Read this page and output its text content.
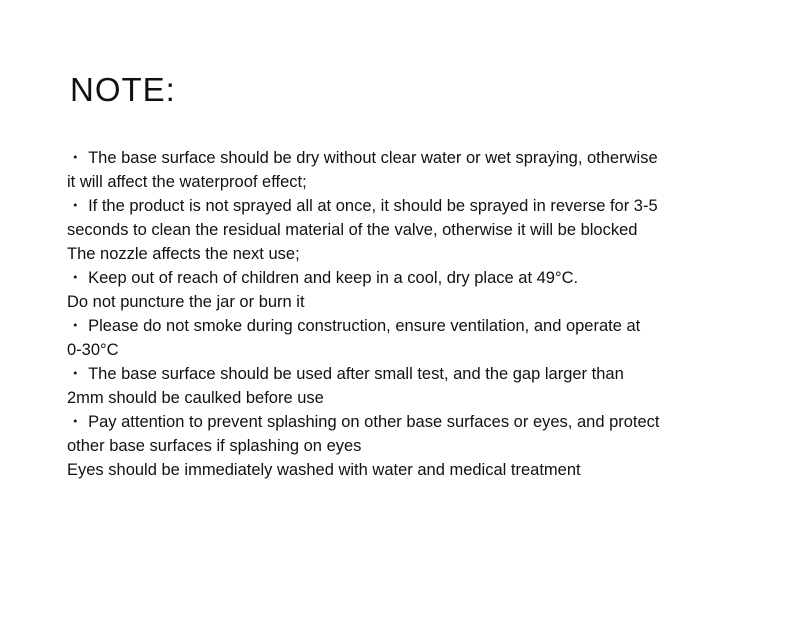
NOTE:
・ The base surface should be dry without clear water or wet spraying, otherwise
it will affect the waterproof effect;
・ If the product is not sprayed all at once, it should be sprayed in reverse for 3-5
seconds to clean the residual material of the valve, otherwise it will be blocked
The nozzle affects the next use;
・ Keep out of reach of children and keep in a cool, dry place at 49°C.
Do not puncture the jar or burn it
・ Please do not smoke during construction, ensure ventilation, and operate at
0-30°C
・ The base surface should be used after small test, and the gap larger than
2mm should be caulked before use
・ Pay attention to prevent splashing on other base surfaces or eyes, and protect
other base surfaces if splashing on eyes
Eyes should be immediately washed with water and medical treatment
